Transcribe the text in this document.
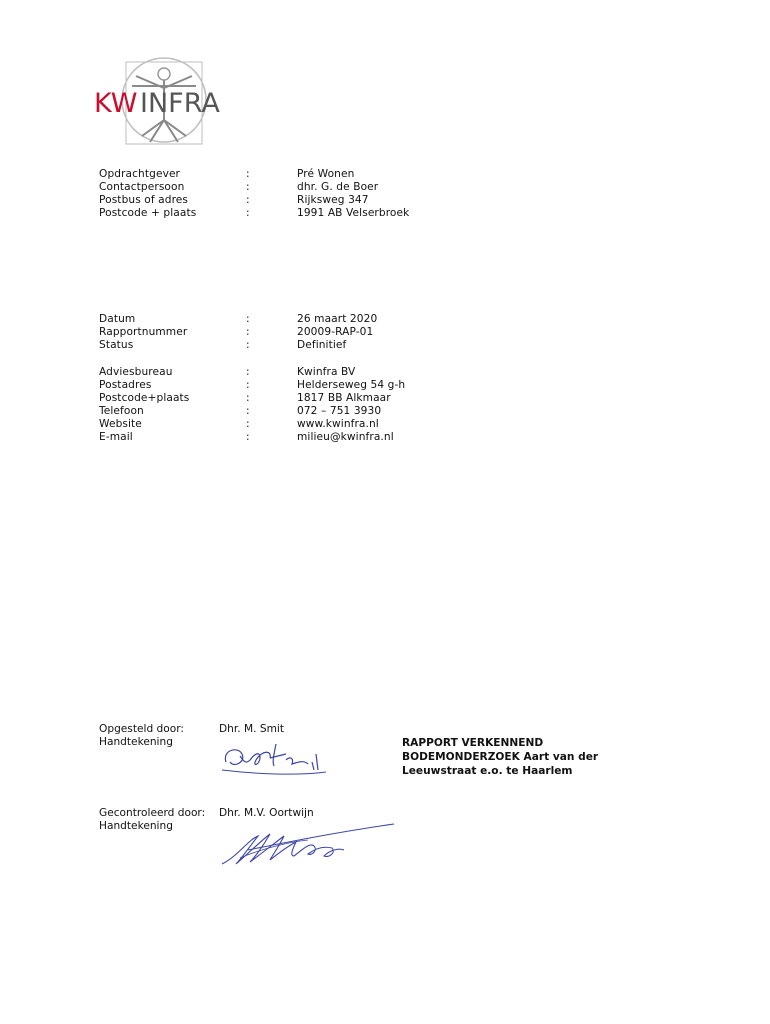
KW INFRA
Opdrachtgever	:	Pré Wonen
Contactpersoon	:	dhr. G. de Boer
Postbus of adres	:	Rijksweg 347
Postcode + plaats	:	1991 AB Velserbroek
Datum	:	26 maart 2020
Rapportnummer	:	20009-RAP-01
Status	:	Definitief
Adviesbureau	:	Kwinfra BV
Postadres	:	Helderseweg 54 g-h
Postcode+plaats	:	1817 BB Alkmaar
Telefoon	:	072 – 751 3930
Website	:	www.kwinfra.nl
E-mail	:	milieu@kwinfra.nl
Opgesteld door:	Dhr. M. Smit
Handtekening
Gecontroleerd door: Dhr. M.V. Oortwijn
Handtekening
RAPPORT VERKENNEND BODEMONDERZOEK Aart van der Leeuwstraat e.o. te Haarlem
